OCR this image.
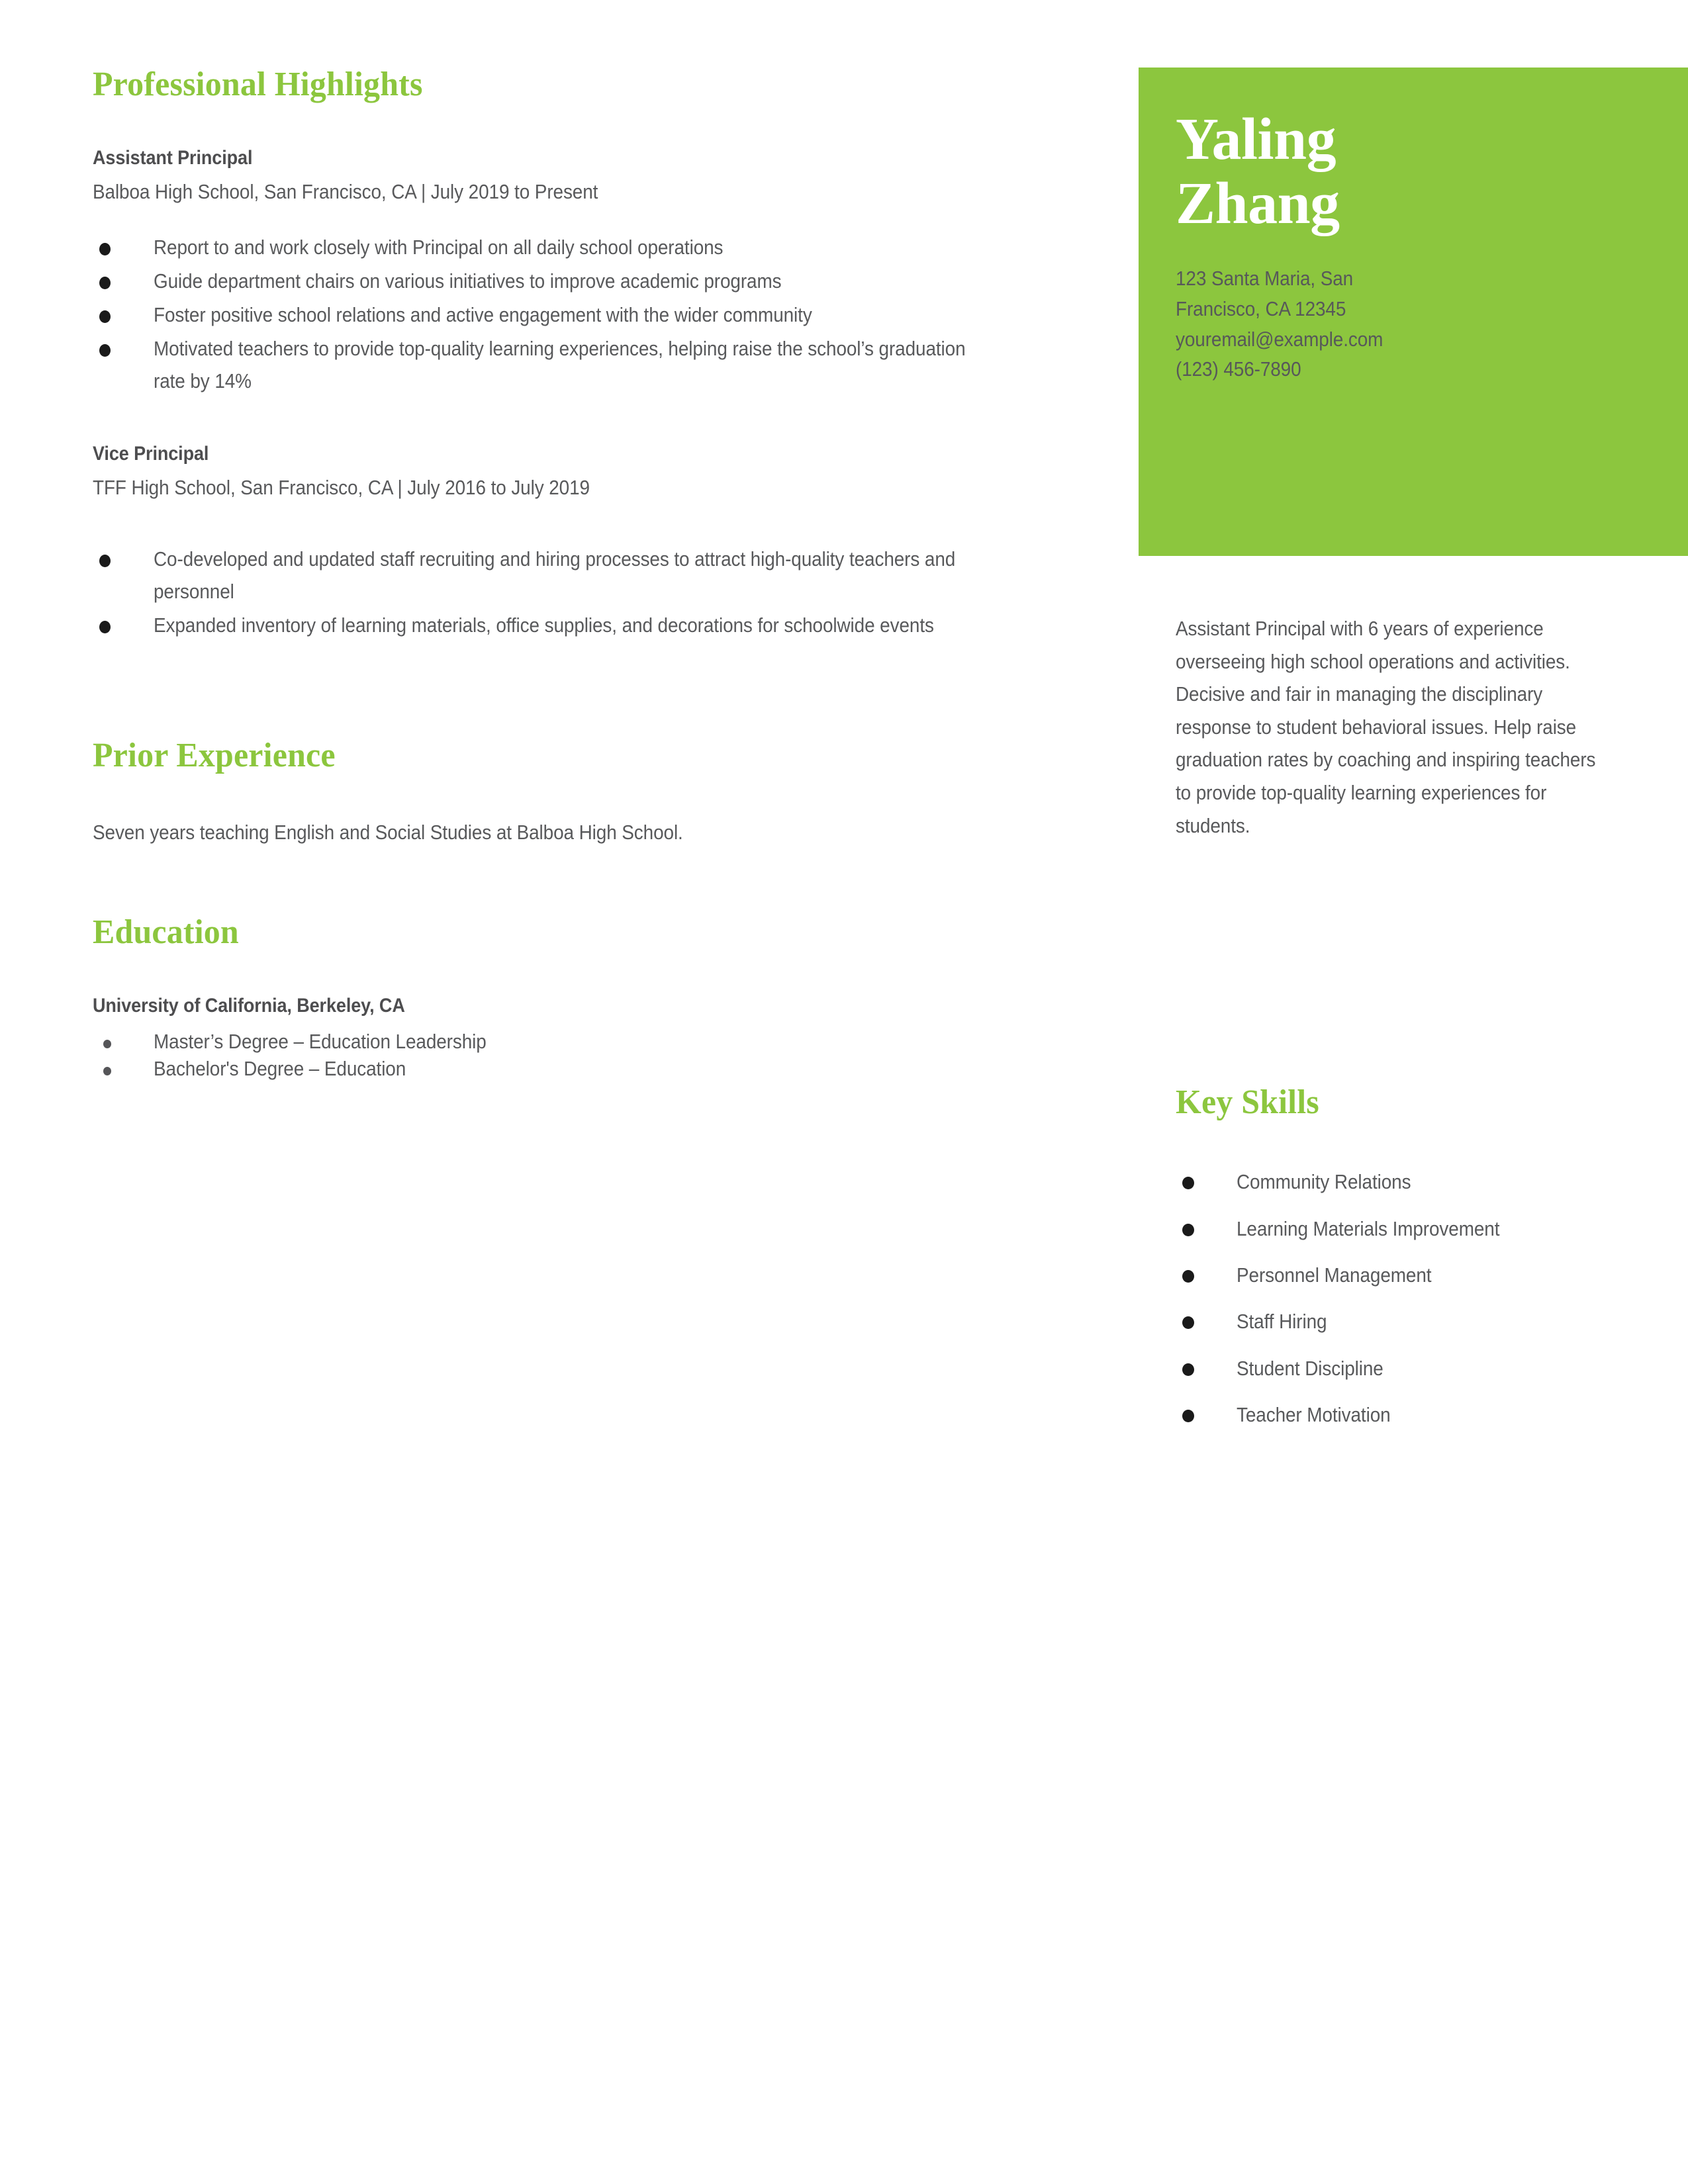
Professional Highlights

Assistant Principal

Balboa High School, San Francisco, CA | July 2019 to Present

Report to and work closely with Principal on all daily school operations
Guide department chairs on various initiatives to improve academic programs
Foster positive school relations and active engagement with the wider community
Motivated teachers to provide top-quality learning experiences, helping raise the school’s graduation rate by 14%

Vice Principal

TFF High School, San Francisco, CA | July 2016 to July 2019

Co-developed and updated staff recruiting and hiring processes to attract high-quality teachers and personnel
Expanded inventory of learning materials, office supplies, and decorations for schoolwide events
Prior Experience

Seven years teaching English and Social Studies at Balboa High School.

Education

University of California, Berkeley, CA

Master’s Degree – Education Leadership
Bachelor's Degree – Education
Yaling
Zhang
123 Santa Maria, San
Francisco, CA 12345
youremail@example.com
(123) 456-7890

Assistant Principal with 6 years of experience overseeing high school operations and activities. Decisive and fair in managing the disciplinary response to student behavioral issues. Help raise graduation rates by coaching and inspiring teachers to provide top-quality learning experiences for students.

Key Skills
Community Relations
Learning Materials Improvement
Personnel Management
Staff Hiring
Student Discipline
Teacher Motivation
